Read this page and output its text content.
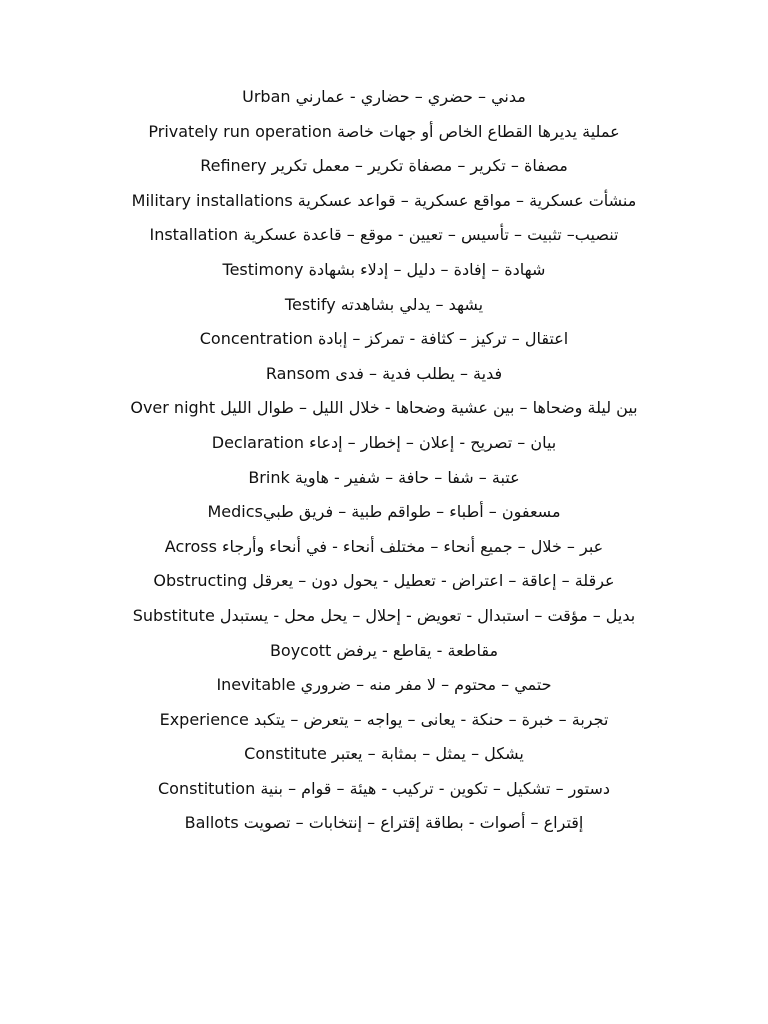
Urban مدني – حضري – حضاري - عمارني

Privately run operation عملية يديرها القطاع الخاص أو جهات خاصة

Refinery مصفاة – تكرير – مصفاة تكرير – معمل تكرير

Military installations منشأت عسكرية – مواقع عسكرية – قواعد عسكرية

Installation تنصيب– تثبيت – تأسيس – تعيين - موقع – قاعدة عسكرية

Testimony شهادة – إفادة – دليل – إدلاء بشهادة

Testify يشهد – يدلي بشاهدته

Concentration اعتقال – تركيز – كثافة - تمركز – إبادة

Ransom فدية – يطلب فدية – فدى

Over night بين ليلة وضحاها – بين عشية وضحاها - خلال الليل – طوال الليل

Declaration بيان – تصريح - إعلان – إخطار – إدعاء

Brink عتبة – شفا – حافة – شفير - هاوية

Medicsمسعفون – أطباء – طواقم طبية – فريق طبي

Across عبر – خلال – جميع أنحاء – مختلف أنحاء - في أنحاء وأرجاء

Obstructing عرقلة – إعاقة – اعتراض - تعطيل - يحول دون – يعرقل

Substitute بديل – مؤقت – استبدال - تعويض - إحلال – يحل محل - يستبدل

Boycott مقاطعة - يقاطع - يرفض

Inevitable حتمي – محتوم – لا مفر منه – ضروري

Experience تجربة – خبرة – حنكة - يعانى – يواجه – يتعرض – يتكبد

Constitute يشكل – يمثل – بمثابة – يعتبر

Constitution دستور – تشكيل – تكوين - تركيب - هيئة – قوام – بنية

Ballots إقتراع – أصوات - بطاقة إقتراع – إنتخابات – تصويت
